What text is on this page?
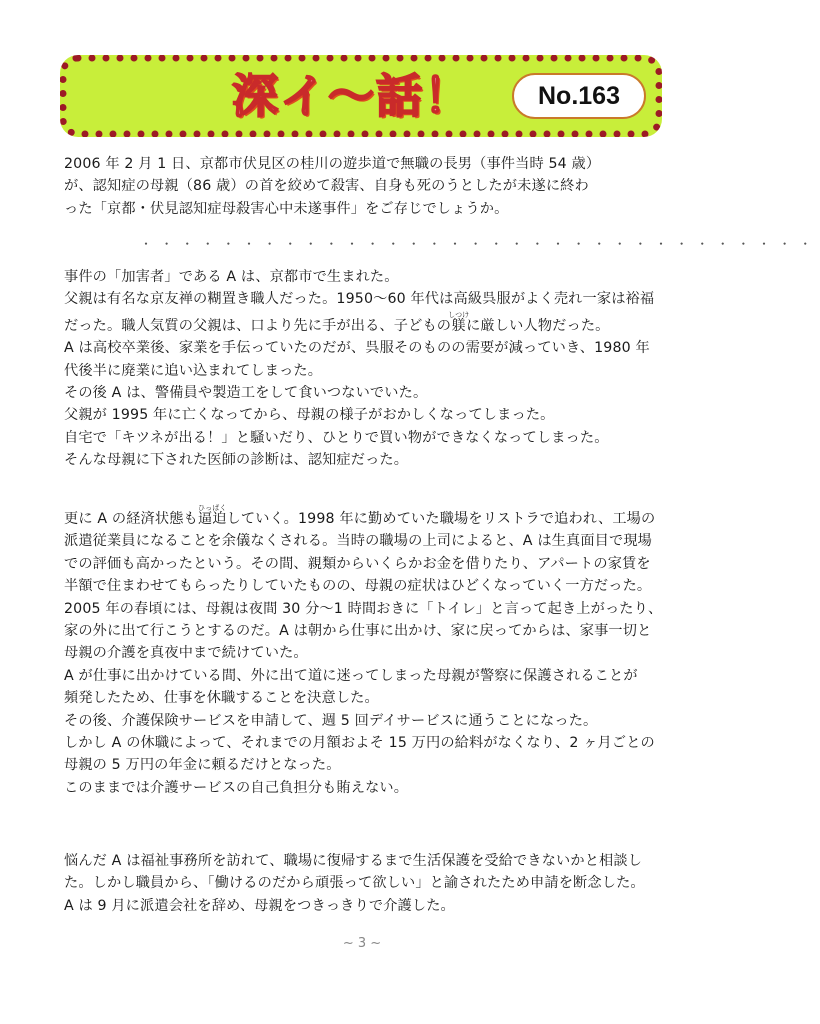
深イ〜話！	No.163

2006 年 2 月 1 日、京都市伏見区の桂川の遊歩道で無職の長男（事件当時 54 歳）

が、認知症の母親（86 歳）の首を絞めて殺害、自身も死のうとしたが未遂に終わ

った「京都・伏見認知症母殺害心中未遂事件」をご存じでしょうか。

・・・・・・・・・・・・・・・・・・・・・・・・・・・・・・・・・

事件の「加害者」である A は、京都市で生まれた。

父親は有名な京友禅の糊置き職人だった。1950〜60 年代は高級呉服がよく売れ一家は裕福

だった。職人気質の父親は、口より先に手が出る、子どもの躾しつけに厳しい人物だった。

A は高校卒業後、家業を手伝っていたのだが、呉服そのものの需要が減っていき、1980 年

代後半に廃業に追い込まれてしまった。

その後 A は、警備員や製造工をして食いつないでいた。

父親が 1995 年に亡くなってから、母親の様子がおかしくなってしまった。

自宅で「キツネが出る！」と騒いだり、ひとりで買い物ができなくなってしまった。

そんな母親に下された医師の診断は、認知症だった。

更に A の経済状態も逼迫ひっぱくしていく。1998 年に勤めていた職場をリストラで追われ、工場の

派遣従業員になることを余儀なくされる。当時の職場の上司によると、A は生真面目で現場

での評価も高かったという。その間、親類からいくらかお金を借りたり、アパートの家賃を

半額で住まわせてもらったりしていたものの、母親の症状はひどくなっていく一方だった。

2005 年の春頃には、母親は夜間 30 分〜1 時間おきに「トイレ」と言って起き上がったり、

家の外に出て行こうとするのだ。A は朝から仕事に出かけ、家に戻ってからは、家事一切と

母親の介護を真夜中まで続けていた。

A が仕事に出かけている間、外に出て道に迷ってしまった母親が警察に保護されることが

頻発したため、仕事を休職することを決意した。

その後、介護保険サービスを申請して、週 5 回デイサービスに通うことになった。

しかし A の休職によって、それまでの月額およそ 15 万円の給料がなくなり、2 ヶ月ごとの

母親の 5 万円の年金に頼るだけとなった。

このままでは介護サービスの自己負担分も賄えない。

悩んだ A は福祉事務所を訪れて、職場に復帰するまで生活保護を受給できないかと相談し

た。しかし職員から、「働けるのだから頑張って欲しい」と諭されたため申請を断念した。

A は 9 月に派遣会社を辞め、母親をつきっきりで介護した。

~ 3 ~
